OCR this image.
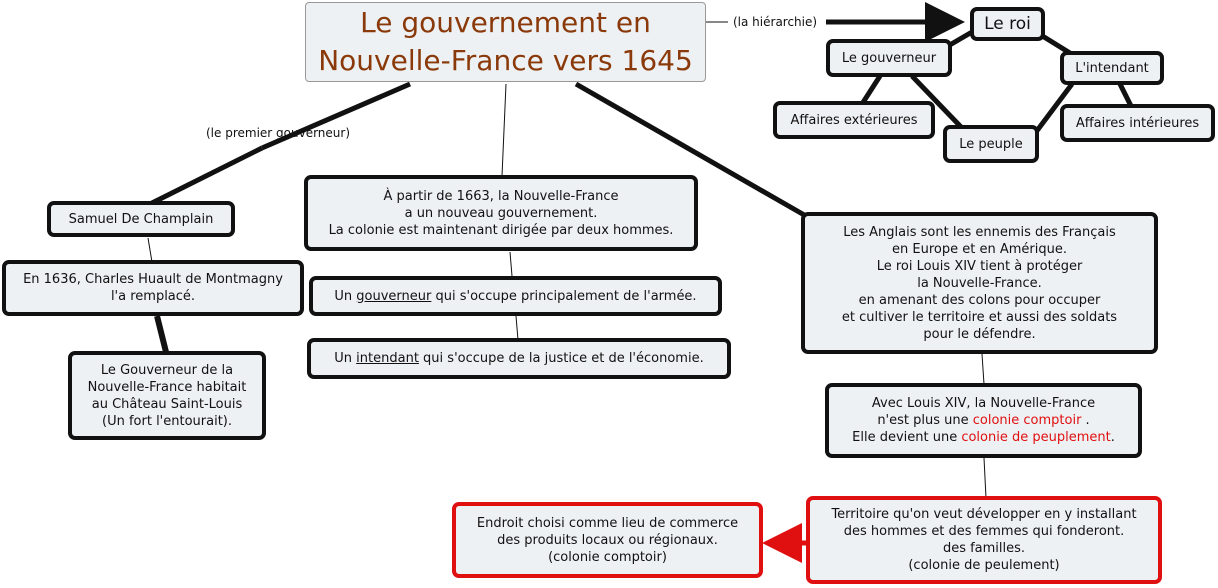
Le gouvernement en
Nouvelle-France vers 1645
(la hiérarchie)
(le premier gouverneur)
Le roi
Le gouverneur
L'intendant
Affaires extérieures	Affaires intérieures
Le peuple
Samuel De Champlain
En 1636, Charles Huault de Montmagny
l'a remplacé.
Le Gouverneur de la
Nouvelle-France habitait
au Château Saint-Louis
(Un fort l'entourait).
À partir de 1663, la Nouvelle-France
a un nouveau gouvernement.
La colonie est maintenant dirigée par deux hommes.
Un gouverneur qui s'occupe principalement de l'armée.
Un intendant qui s'occupe de la justice et de l'économie.
Les Anglais sont les ennemis des Français
en Europe et en Amérique.
Le roi Louis XIV tient à protéger
la Nouvelle-France.
en amenant des colons pour occuper
et cultiver le territoire et aussi des soldats
pour le défendre.
Avec Louis XIV, la Nouvelle-France
n'est plus une colonie comptoir .
Elle devient une colonie de peuplement.
Territoire qu'on veut développer en y installant
des hommes et des femmes qui fonderont.
des familles.
(colonie de peulement)
Endroit choisi comme lieu de commerce
des produits locaux ou régionaux.
(colonie comptoir)
